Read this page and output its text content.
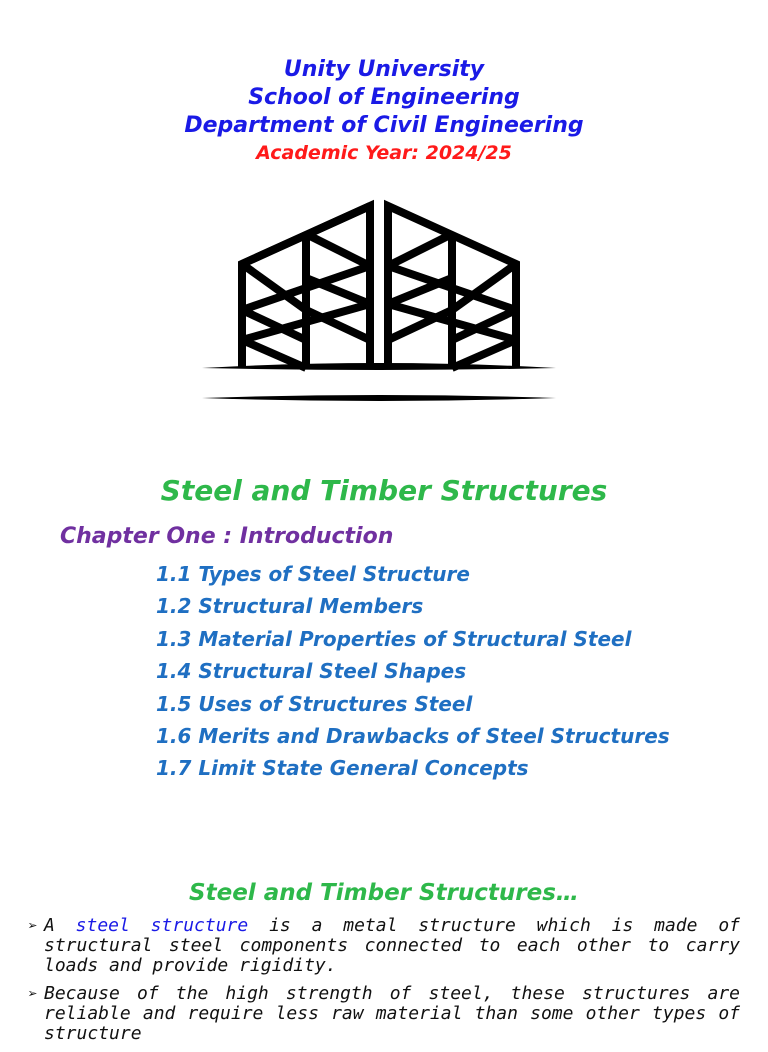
Unity University
School of Engineering
Department of Civil Engineering
Academic Year: 2024/25
Steel and Timber Structures
Chapter One : Introduction
1.1 Types of Steel Structure
1.2 Structural Members
1.3 Material Properties of Structural Steel
1.4 Structural Steel Shapes
1.5 Uses of Structures Steel
1.6 Merits and Drawbacks of Steel Structures
1.7 Limit State General Concepts
Steel and Timber Structures…
➢ A steel structure is a metal structure which is made of structural steel components connected to each other to carry loads and provide rigidity.
➢ Because of the high strength of steel, these structures are reliable and require less raw material than some other types of structure
